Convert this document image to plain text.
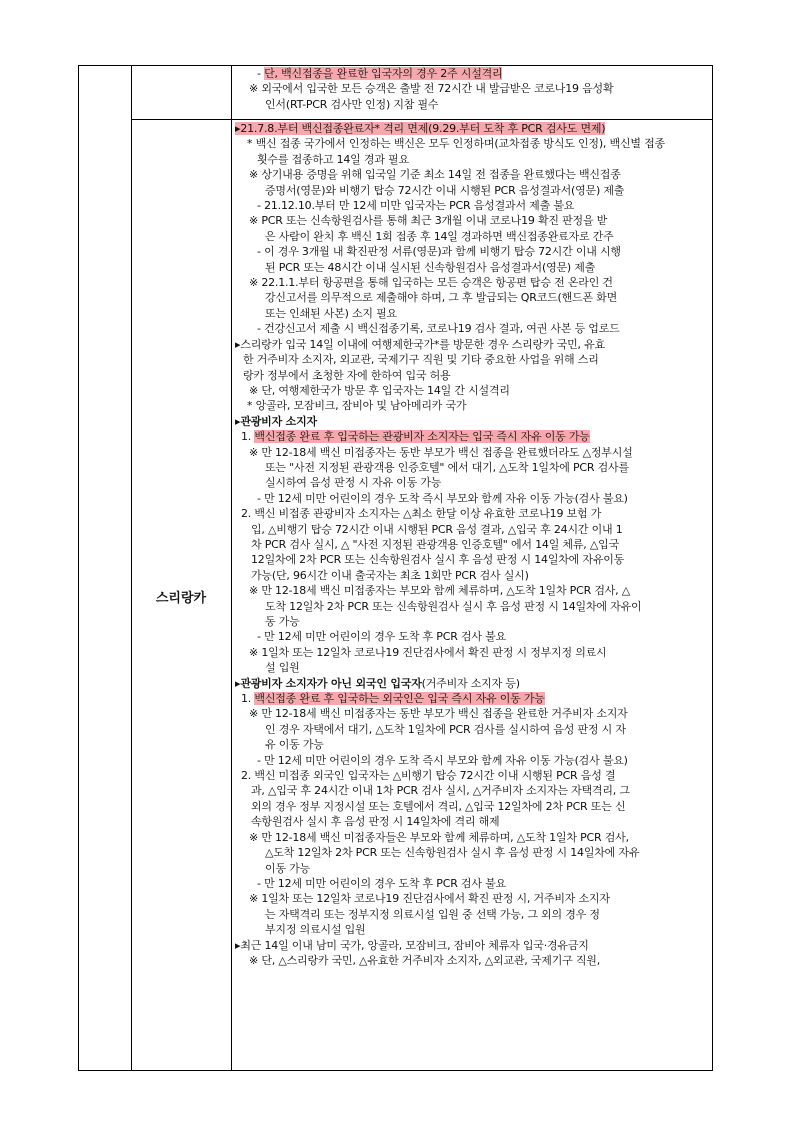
- 단, 백신접종을 완료한 입국자의 경우 2주 시설격리
※ 외국에서 입국한 모든 승객은 출발 전 72시간 내 발급받은 코로나19 음성확
인서(RT-PCR 검사만 인정) 지참 필수
스리랑카
▸21.7.8.부터 백신접종완료자* 격리 면제(9.29.부터 도착 후 PCR 검사도 면제)
* 백신 접종 국가에서 인정하는 백신은 모두 인정하며(교차접종 방식도 인정), 백신별 접종
횟수를 접종하고 14일 경과 필요
※ 상기내용 증명을 위해 입국일 기준 최소 14일 전 접종을 완료했다는 백신접종
증명서(영문)와 비행기 탑승 72시간 이내 시행된 PCR 음성결과서(영문) 제출
- 21.12.10.부터 만 12세 미만 입국자는 PCR 음성결과서 제출 불요
※ PCR 또는 신속항원검사를 통해 최근 3개월 이내 코로나19 확진 판정을 받
은 사람이 완치 후 백신 1회 접종 후 14일 경과하면 백신접종완료자로 간주
- 이 경우 3개월 내 확진판정 서류(영문)과 함께 비행기 탑승 72시간 이내 시행
된 PCR 또는 48시간 이내 실시된 신속항원검사 음성결과서(영문) 제출
※ 22.1.1.부터 항공편을 통해 입국하는 모든 승객은 항공편 탑승 전 온라인 건
강신고서를 의무적으로 제출해야 하며, 그 후 발급되는 QR코드(핸드폰 화면
또는 인쇄된 사본) 소지 필요
- 건강신고서 제출 시 백신접종기록, 코로나19 검사 결과, 여권 사본 등 업로드
▸스리랑카 입국 14일 이내에 여행제한국가*를 방문한 경우 스리랑카 국민, 유효
한 거주비자 소지자, 외교관, 국제기구 직원 및 기타 중요한 사업을 위해 스리
랑카 정부에서 초청한 자에 한하여 입국 허용
※ 단, 여행제한국가 방문 후 입국자는 14일 간 시설격리
* 앙골라, 모잠비크, 잠비아 및 남아메리카 국가
▸관광비자 소지자
1. 백신접종 완료 후 입국하는 관광비자 소지자는 입국 즉시 자유 이동 가능
※ 만 12-18세 백신 미접종자는 동반 부모가 백신 접종을 완료했더라도 △정부시설
또는 "사전 지정된 관광객용 인증호텔" 에서 대기, △도착 1일차에 PCR 검사를
실시하여 음성 판정 시 자유 이동 가능
- 만 12세 미만 어린이의 경우 도착 즉시 부모와 함께 자유 이동 가능(검사 불요)
2. 백신 비접종 관광비자 소지자는 △최소 한달 이상 유효한 코로나19 보험 가
입, △비행기 탑승 72시간 이내 시행된 PCR 음성 결과, △입국 후 24시간 이내 1
차 PCR 검사 실시, △ "사전 지정된 관광객용 인증호텔" 에서 14일 체류, △입국
12일차에 2차 PCR 또는 신속항원검사 실시 후 음성 판정 시 14일차에 자유이동
가능(단, 96시간 이내 출국자는 최초 1회만 PCR 검사 실시)
※ 만 12-18세 백신 미접종자는 부모와 함께 체류하며, △도착 1일차 PCR 검사, △
도착 12일차 2차 PCR 또는 신속항원검사 실시 후 음성 판정 시 14일차에 자유이
동 가능
- 만 12세 미만 어린이의 경우 도착 후 PCR 검사 불요
※ 1일차 또는 12일차 코로나19 진단검사에서 확진 판정 시 정부지정 의료시
설 입원
▸관광비자 소지자가 아닌 외국인 입국자(거주비자 소지자 등)
1. 백신접종 완료 후 입국하는 외국인은 입국 즉시 자유 이동 가능
※ 만 12-18세 백신 미접종자는 동반 부모가 백신 접종을 완료한 거주비자 소지자
인 경우 자택에서 대기, △도착 1일차에 PCR 검사를 실시하여 음성 판정 시 자
유 이동 가능
- 만 12세 미만 어린이의 경우 도착 즉시 부모와 함께 자유 이동 가능(검사 불요)
2. 백신 미접종 외국인 입국자는 △비행기 탑승 72시간 이내 시행된 PCR 음성 결
과, △입국 후 24시간 이내 1차 PCR 검사 실시, △거주비자 소지자는 자택격리, 그
외의 경우 정부 지정시설 또는 호텔에서 격리, △입국 12일차에 2차 PCR 또는 신
속항원검사 실시 후 음성 판정 시 14일차에 격리 해제
※ 만 12-18세 백신 미접종자들은 부모와 함께 체류하며, △도착 1일차 PCR 검사,
△도착 12일차 2차 PCR 또는 신속항원검사 실시 후 음성 판정 시 14일차에 자유
이동 가능
- 만 12세 미만 어린이의 경우 도착 후 PCR 검사 불요
※ 1일차 또는 12일차 코로나19 진단검사에서 확진 판정 시, 거주비자 소지자
는 자택격리 또는 정부지정 의료시설 입원 중 선택 가능, 그 외의 경우 정
부지정 의료시설 입원
▸최근 14일 이내 남미 국가, 앙골라, 모잠비크, 잠비아 체류자 입국·경유금지
※ 단, △스리랑카 국민, △유효한 거주비자 소지자, △외교관, 국제기구 직원,
